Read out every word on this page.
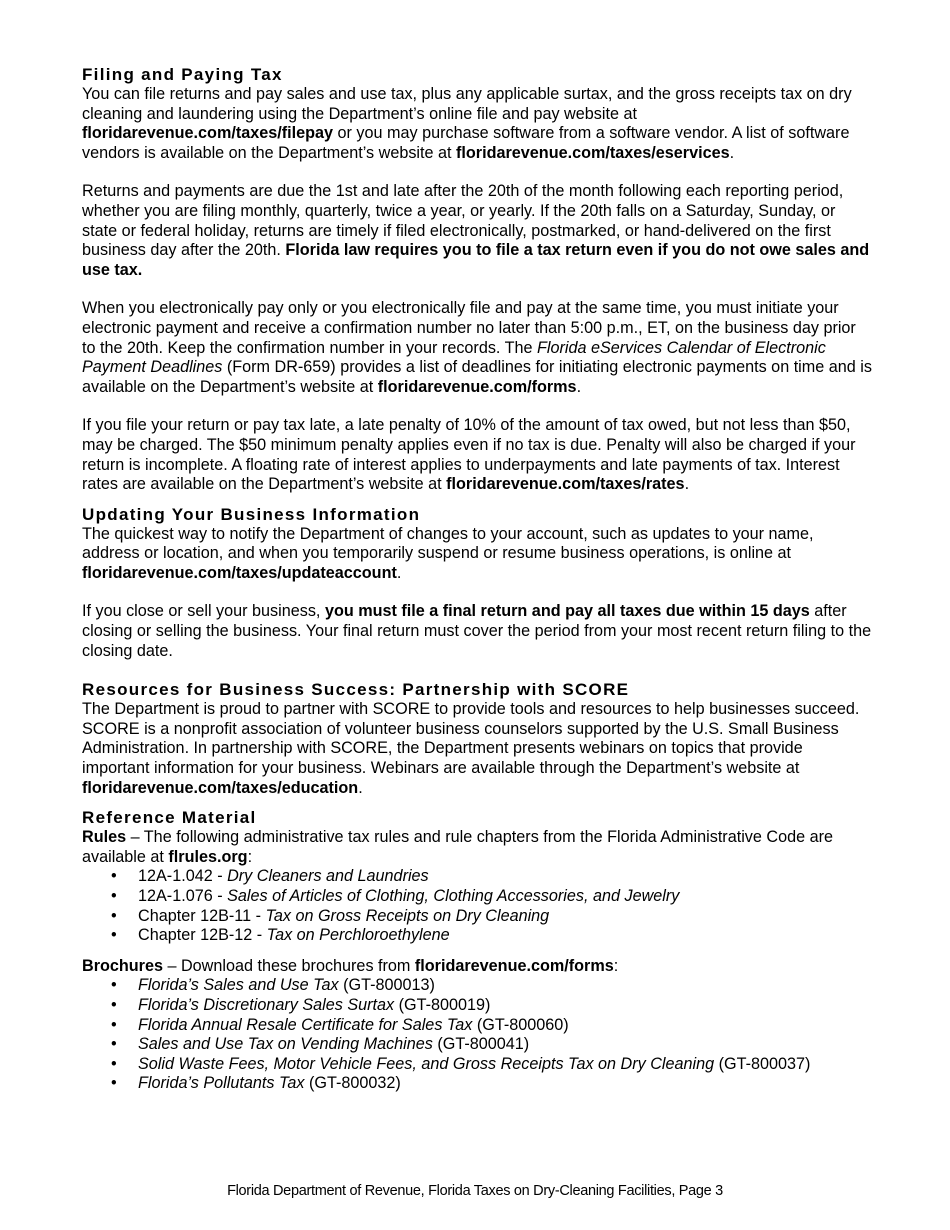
Filing and Paying Tax

You can file returns and pay sales and use tax, plus any applicable surtax, and the gross receipts tax on dry cleaning and laundering using the Department’s online file and pay website at floridarevenue.com/taxes/filepay or you may purchase software from a software vendor. A list of software vendors is available on the Department’s website at floridarevenue.com/taxes/eservices.

Returns and payments are due the 1st and late after the 20th of the month following each reporting period, whether you are filing monthly, quarterly, twice a year, or yearly. If the 20th falls on a Saturday, Sunday, or state or federal holiday, returns are timely if filed electronically, postmarked, or hand-delivered on the first business day after the 20th. Florida law requires you to file a tax return even if you do not owe sales and use tax.

When you electronically pay only or you electronically file and pay at the same time, you must initiate your electronic payment and receive a confirmation number no later than 5:00 p.m., ET, on the business day prior to the 20th. Keep the confirmation number in your records. The Florida eServices Calendar of Electronic Payment Deadlines (Form DR-659) provides a list of deadlines for initiating electronic payments on time and is available on the Department’s website at floridarevenue.com/forms.

If you file your return or pay tax late, a late penalty of 10% of the amount of tax owed, but not less than $50, may be charged. The $50 minimum penalty applies even if no tax is due. Penalty will also be charged if your return is incomplete. A floating rate of interest applies to underpayments and late payments of tax. Interest rates are available on the Department’s website at floridarevenue.com/taxes/rates.

Updating Your Business Information

The quickest way to notify the Department of changes to your account, such as updates to your name, address or location, and when you temporarily suspend or resume business operations, is online at floridarevenue.com/taxes/updateaccount.

If you close or sell your business, you must file a final return and pay all taxes due within 15 days after closing or selling the business. Your final return must cover the period from your most recent return filing to the closing date.

Resources for Business Success: Partnership with SCORE

The Department is proud to partner with SCORE to provide tools and resources to help businesses succeed. SCORE is a nonprofit association of volunteer business counselors supported by the U.S. Small Business Administration. In partnership with SCORE, the Department presents webinars on topics that provide important information for your business. Webinars are available through the Department’s website at floridarevenue.com/taxes/education.

Reference Material

Rules – The following administrative tax rules and rule chapters from the Florida Administrative Code are available at flrules.org:

• 12A-1.042 - Dry Cleaners and Laundries
• 12A-1.076 - Sales of Articles of Clothing, Clothing Accessories, and Jewelry
• Chapter 12B-11 - Tax on Gross Receipts on Dry Cleaning
• Chapter 12B-12 - Tax on Perchloroethylene

Brochures – Download these brochures from floridarevenue.com/forms:

• Florida’s Sales and Use Tax (GT-800013)
• Florida’s Discretionary Sales Surtax (GT-800019)
• Florida Annual Resale Certificate for Sales Tax (GT-800060)
• Sales and Use Tax on Vending Machines (GT-800041)
• Solid Waste Fees, Motor Vehicle Fees, and Gross Receipts Tax on Dry Cleaning (GT-800037)
• Florida’s Pollutants Tax (GT-800032)
Florida Department of Revenue, Florida Taxes on Dry-Cleaning Facilities, Page 3
